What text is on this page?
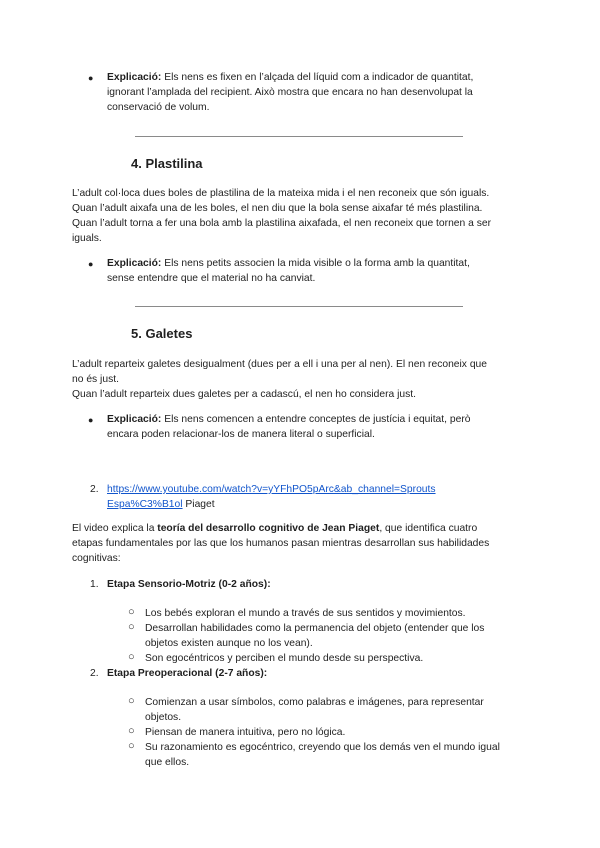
● Explicació: Els nens es fixen en l’alçada del líquid com a indicador de quantitat,
ignorant l’amplada del recipient. Això mostra que encara no han desenvolupat la
conservació de volum.
4. Plastilina
L’adult col·loca dues boles de plastilina de la mateixa mida i el nen reconeix que són iguals.
Quan l’adult aixafa una de les boles, el nen diu que la bola sense aixafar té més plastilina.
Quan l’adult torna a fer una bola amb la plastilina aixafada, el nen reconeix que tornen a ser
iguals.
● Explicació: Els nens petits associen la mida visible o la forma amb la quantitat,
sense entendre que el material no ha canviat.
5. Galetes
L’adult reparteix galetes desigualment (dues per a ell i una per al nen). El nen reconeix que
no és just.
Quan l’adult reparteix dues galetes per a cadascú, el nen ho considera just.
● Explicació: Els nens comencen a entendre conceptes de justícia i equitat, però
encara poden relacionar-los de manera literal o superficial.
2. https://www.youtube.com/watch?v=yYFhPO5pArc&ab_channel=Sprouts
Espa%C3%B1ol Piaget
El video explica la teoría del desarrollo cognitivo de Jean Piaget, que identifica cuatro
etapas fundamentales por las que los humanos pasan mientras desarrollan sus habilidades
cognitivas:
1. Etapa Sensorio-Motriz (0-2 años):
○ Los bebés exploran el mundo a través de sus sentidos y movimientos.
○ Desarrollan habilidades como la permanencia del objeto (entender que los
objetos existen aunque no los vean).
○ Son egocéntricos y perciben el mundo desde su perspectiva.
2. Etapa Preoperacional (2-7 años):
○ Comienzan a usar símbolos, como palabras e imágenes, para representar
objetos.
○ Piensan de manera intuitiva, pero no lógica.
○ Su razonamiento es egocéntrico, creyendo que los demás ven el mundo igual
que ellos.
